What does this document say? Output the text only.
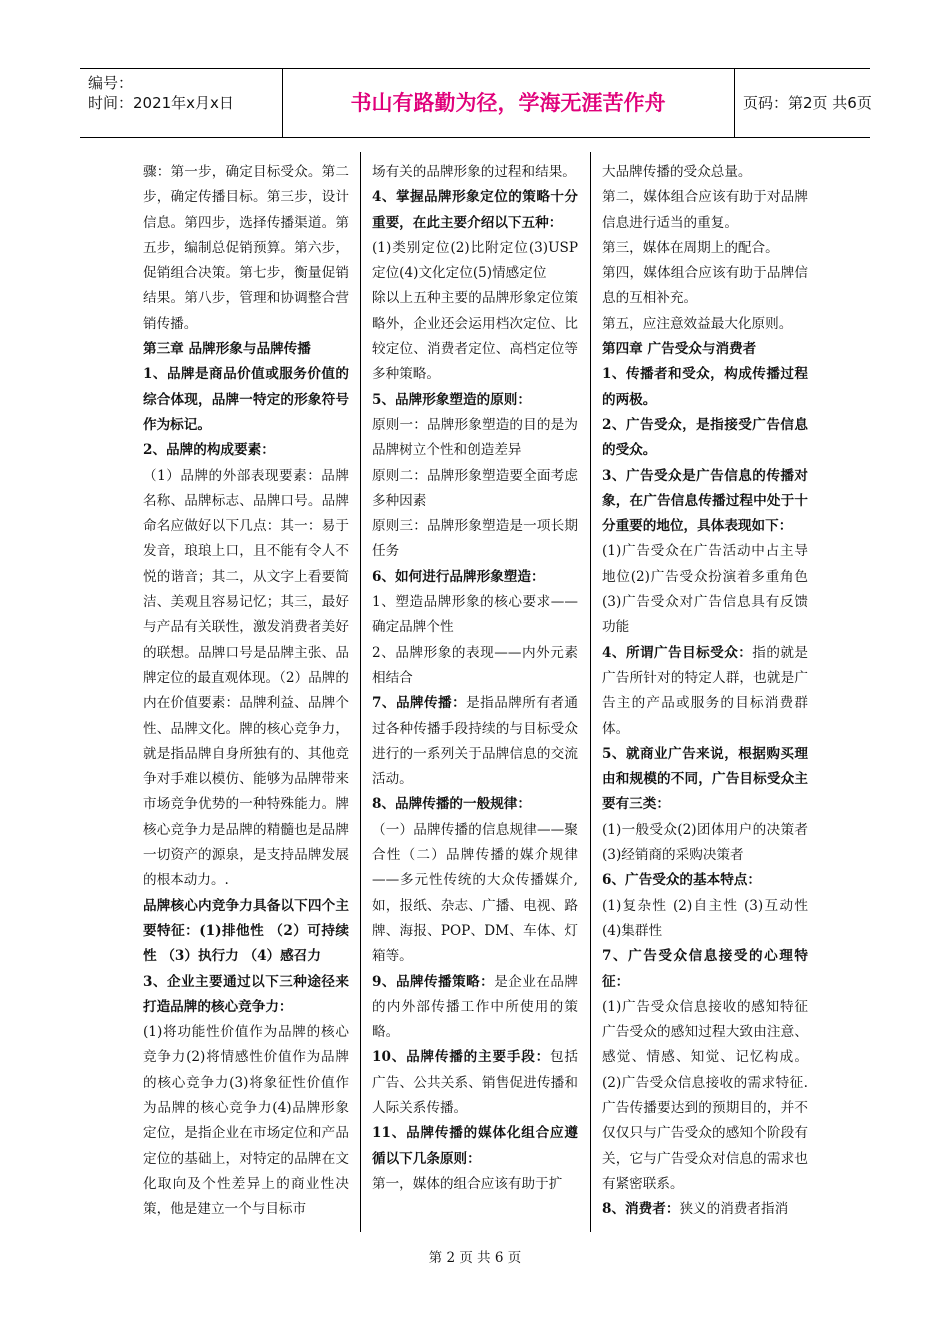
编号：
时间：2021年x月x日	书山有路勤为径，学海无涯苦作舟	页码：第2页 共6页

骤：第一步，确定目标受众。第二步，确定传播目标。第三步，设计信息。第四步，选择传播渠道。第五步，编制总促销预算。第六步，促销组合决策。第七步，衡量促销结果。第八步，管理和协调整合营销传播。

第三章 品牌形象与品牌传播

1、品牌是商品价值或服务价值的综合体现，品牌一特定的形象符号作为标记。

2、品牌的构成要素：

（1）品牌的外部表现要素：品牌名称、品牌标志、品牌口号。品牌命名应做好以下几点：其一：易于发音，琅琅上口，且不能有令人不悦的谐音；其二，从文字上看要简洁、美观且容易记忆；其三，最好与产品有关联性，激发消费者美好的联想。品牌口号是品牌主张、品牌定位的最直观体现。（2）品牌的内在价值要素：品牌利益、品牌个性、品牌文化。牌的核心竞争力，就是指品牌自身所独有的、其他竞争对手难以模仿、能够为品牌带来市场竞争优势的一种特殊能力。牌核心竞争力是品牌的精髓也是品牌一切资产的源泉，是支持品牌发展的根本动力。.

品牌核心内竞争力具备以下四个主要特征：(1)排他性 （2）可持续性 （3）执行力 （4）感召力

3、企业主要通过以下三种途径来打造品牌的核心竞争力：

(1)将功能性价值作为品牌的核心竞争力(2)将情感性价值作为品牌的核心竞争力(3)将象征性价值作为品牌的核心竞争力(4)品牌形象定位，是指企业在市场定位和产品定位的基础上，对特定的品牌在文化取向及个性差异上的商业性决策，他是建立一个与目标市

场有关的品牌形象的过程和结果。

4、掌握品牌形象定位的策略十分重要，在此主要介绍以下五种：

(1)类别定位(2)比附定位(3)USP定位(4)文化定位(5)情感定位

除以上五种主要的品牌形象定位策略外，企业还会运用档次定位、比较定位、消费者定位、高档定位等多种策略。

5、品牌形象塑造的原则：

原则一：品牌形象塑造的目的是为品牌树立个性和创造差异

原则二：品牌形象塑造要全面考虑多种因素

原则三：品牌形象塑造是一项长期任务

6、如何进行品牌形象塑造：

1、塑造品牌形象的核心要求——确定品牌个性

2、品牌形象的表现——内外元素相结合

7、品牌传播：是指品牌所有者通过各种传播手段持续的与目标受众进行的一系列关于品牌信息的交流活动。

8、品牌传播的一般规律：

（一）品牌传播的信息规律——聚合性（二）品牌传播的媒介规律——多元性传统的大众传播媒介,如，报纸、杂志、广播、电视、路牌、海报、POP、DM、车体、灯箱等。

9、品牌传播策略：是企业在品牌的内外部传播工作中所使用的策略。

10、品牌传播的主要手段：包括广告、公共关系、销售促进传播和人际关系传播。

11、品牌传播的媒体化组合应遵循以下几条原则：

第一，媒体的组合应该有助于扩

大品牌传播的受众总量。

第二，媒体组合应该有助于对品牌信息进行适当的重复。

第三，媒体在周期上的配合。

第四，媒体组合应该有助于品牌信息的互相补充。

第五，应注意效益最大化原则。

第四章 广告受众与消费者

1、传播者和受众，构成传播过程的两极。

2、广告受众，是指接受广告信息的受众。

3、广告受众是广告信息的传播对象，在广告信息传播过程中处于十分重要的地位，具体表现如下：

(1)广告受众在广告活动中占主导地位(2)广告受众扮演着多重角色(3)广告受众对广告信息具有反馈功能

4、所谓广告目标受众：指的就是广告所针对的特定人群，也就是广告主的产品或服务的目标消费群体。

5、就商业广告来说，根据购买理由和规模的不同，广告目标受众主要有三类：

(1)一般受众(2)团体用户的决策者(3)经销商的采购决策者

6、广告受众的基本特点：

(1)复杂性 (2)自主性 (3)互动性 (4)集群性

7、广告受众信息接受的心理特征：

(1)广告受众信息接收的感知特征广告受众的感知过程大致由注意、感觉、情感、知觉、记忆构成。(2)广告受众信息接收的需求特征.广告传播要达到的预期目的，并不仅仅只与广告受众的感知个阶段有关，它与广告受众对信息的需求也有紧密联系。

8、消费者：狭义的消费者指消

第 2 页 共 6 页
